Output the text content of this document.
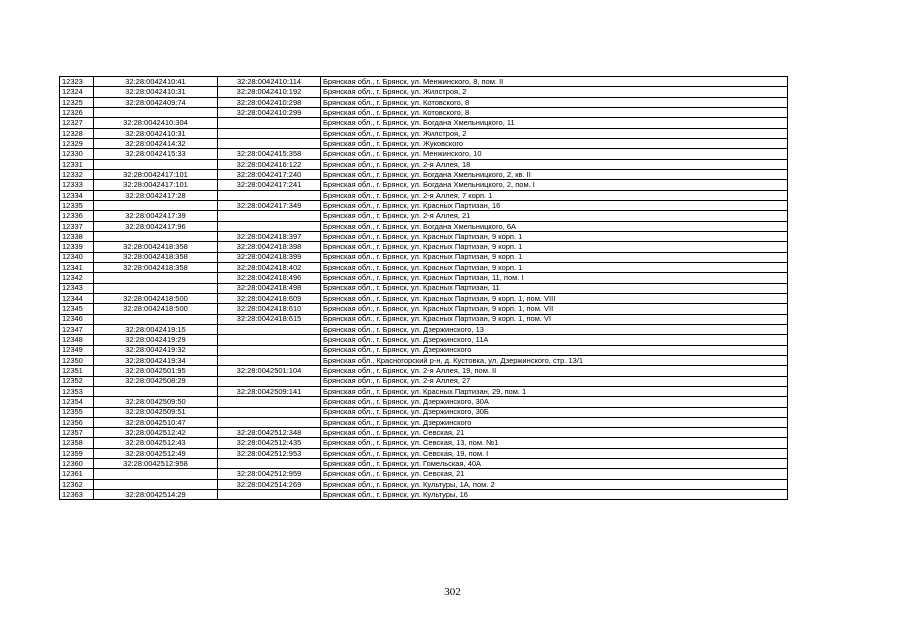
12323	32:28:0042410:41	32:28:0042410:114	Брянская обл., г. Брянск, ул. Менжинского, 8, пом. II
12324	32:28:0042410:31	32:28:0042410:192	Брянская обл., г. Брянск, ул. Жилстроя, 2
12325	32:28:0042409:74	32:28:0042410:298	Брянская обл., г. Брянск, ул. Котовского, 8
12326		32:28:0042410:299	Брянская обл., г. Брянск, ул. Котовского, 8
12327	32:28:0042410:304		Брянская обл., г. Брянск, ул. Богдана Хмельницкого, 11
12328	32:28:0042410:31		Брянская обл., г. Брянск, ул. Жилстроя, 2
12329	32:28:0042414:32		Брянская обл., г. Брянск, ул. Жуковского
12330	32:28:0042415:33	32:28:0042415:358	Брянская обл., г. Брянск, ул. Менжинского, 10
12331		32:28:0042416:122	Брянская обл., г. Брянск, ул. 2-я Аллея, 18
12332	32:28:0042417:101	32:28:0042417:240	Брянская обл., г. Брянск, ул. Богдана Хмельницкого, 2, кв. II
12333	32:28:0042417:101	32:28:0042417:241	Брянская обл., г. Брянск, ул. Богдана Хмельницкого, 2, пом. I
12334	32:28:0042417:28		Брянская обл., г. Брянск, ул. 2-я Аллея, 7 корп. 1
12335		32:28:0042417:349	Брянская обл., г. Брянск, ул. Красных Партизан, 16
12336	32:28:0042417:39		Брянская обл., г. Брянск, ул. 2-я Аллея, 21
12337	32:28:0042417:96		Брянская обл., г. Брянск, ул. Богдана Хмельницкого, 6А
12338		32:28:0042418:397	Брянская обл., г. Брянск, ул. Красных Партизан, 9 корп. 1
12339	32:28:0042418:358	32:28:0042418:398	Брянская обл., г. Брянск, ул. Красных Партизан, 9 корп. 1
12340	32:28:0042418:358	32:28:0042418:399	Брянская обл., г. Брянск, ул. Красных Партизан, 9 корп. 1
12341	32:28:0042418:358	32:28:0042418:402	Брянская обл., г. Брянск, ул. Красных Партизан, 9 корп. 1
12342		32:28:0042418:496	Брянская обл., г. Брянск, ул. Красных Партизан, 11, пом. I
12343		32:28:0042418:498	Брянская обл., г. Брянск, ул. Красных Партизан, 11
12344	32:28:0042418:500	32:28:0042418:609	Брянская обл., г. Брянск, ул. Красных Партизан, 9 корп. 1, пом. VIII
12345	32:28:0042418:500	32:28:0042418:610	Брянская обл., г. Брянск, ул. Красных Партизан, 9 корп. 1, пом. VII
12346		32:28:0042418:615	Брянская обл., г. Брянск, ул. Красных Партизан, 9 корп. 1, пом. VI
12347	32:28:0042419:15		Брянская обл., г. Брянск, ул. Дзержинского, 13
12348	32:28:0042419:29		Брянская обл., г. Брянск, ул. Дзержинского, 11А
12349	32:28:0042419:32		Брянская обл., г. Брянск, ул. Дзержинского
12350	32:28:0042419:34		Брянская обл., Красногорский р-н, д. Кустовка, ул. Дзержинского, стр. 13/1
12351	32:28:0042501:95	32:28:0042501:104	Брянская обл., г. Брянск, ул. 2-я Аллея, 19, пом. II
12352	32:28:0042508:29		Брянская обл., г. Брянск, ул. 2-я Аллея, 27
12353		32:28:0042509:141	Брянская обл., г. Брянск, ул. Красных Партизан, 29, пом. 1
12354	32:28:0042509:50		Брянская обл., г. Брянск, ул. Дзержинского, 30А
12355	32:28:0042509:51		Брянская обл., г. Брянск, ул. Дзержинского, 30Б
12356	32:28:0042510:47		Брянская обл., г. Брянск, ул. Дзержинского
12357	32:28:0042512:42	32:28:0042512:348	Брянская обл., г. Брянск, ул. Севская, 21
12358	32:28:0042512:43	32:28:0042512:435	Брянская обл., г. Брянск, ул. Севская, 13, пом. №1
12359	32:28:0042512:49	32:28:0042512:953	Брянская обл., г. Брянск, ул. Севская, 19, пом. I
12360	32:28:0042512:958		Брянская обл., г. Брянск, ул. Гомельская, 40А
12361		32:28:0042512:959	Брянская обл., г. Брянск, ул. Севская, 21
12362		32:28:0042514:269	Брянская обл., г. Брянск, ул. Культуры, 1А, пом. 2
12363	32:28:0042514:29		Брянская обл., г. Брянск, ул. Культуры, 16
302
